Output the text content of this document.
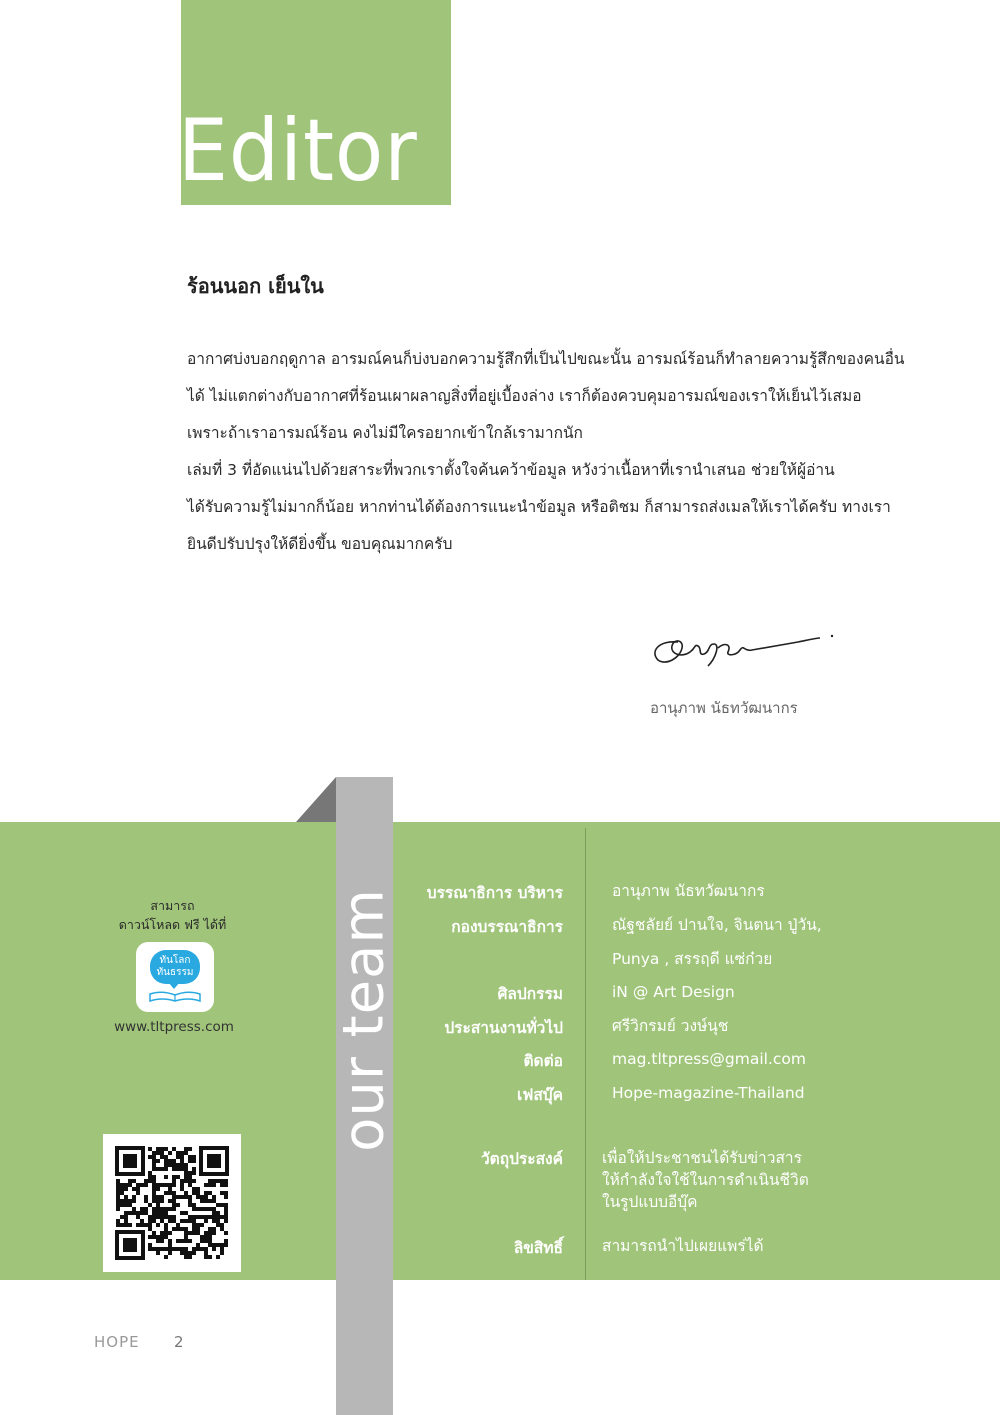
Editor
ร้อนนอก เย็นใน
อากาศบ่งบอกฤดูกาล อารมณ์คนก็บ่งบอกความรู้สึกที่เป็นไปขณะนั้น อารมณ์ร้อนก็ทำลายความรู้สึกของคนอื่น
ได้ ไม่แตกต่างกับอากาศที่ร้อนเผาผลาญสิ่งที่อยู่เบื้องล่าง เราก็ต้องควบคุมอารมณ์ของเราให้เย็นไว้เสมอ
เพราะถ้าเราอารมณ์ร้อน คงไม่มีใครอยากเข้าใกล้เรามากนัก
เล่มที่ 3 ที่อัดแน่นไปด้วยสาระที่พวกเราตั้งใจค้นคว้าข้อมูล หวังว่าเนื้อหาที่เรานำเสนอ ช่วยให้ผู้อ่าน
ได้รับความรู้ไม่มากก็น้อย หากท่านได้ต้องการแนะนำข้อมูล หรือติชม ก็สามารถส่งเมลให้เราได้ครับ ทางเรา
ยินดีปรับปรุงให้ดียิ่งขึ้น ขอบคุณมากครับ
อานุภาพ นัธทวัฒนากร
our team
สามารถ
ดาวน์โหลด ฟรี ได้ที่
ทันโลก
ทันธรรม
www.tltpress.com
บรรณาธิการ บริหาร	อานุภาพ นัธทวัฒนากร
กองบรรณาธิการ	ณัฐชลัยย์ ปานใจ, จินตนา ปู่วัน,
Punya , สรรฤดี แซ่ก๋วย
ศิลปกรรม	iN @ Art Design
ประสานงานทั่วไป	ศรีวิกรมย์ วงษ์นุช
ติดต่อ	mag.tltpress@gmail.com
เฟสบุ๊ค	Hope-magazine-Thailand
วัตถุประสงค์	เพื่อให้ประชาชนได้รับข่าวสาร
ให้กำลังใจใช้ในการดำเนินชีวิต
ในรูปแบบอีบุ๊ค
ลิขสิทธิ์	สามารถนำไปเผยแพร่ได้
HOPE 2
